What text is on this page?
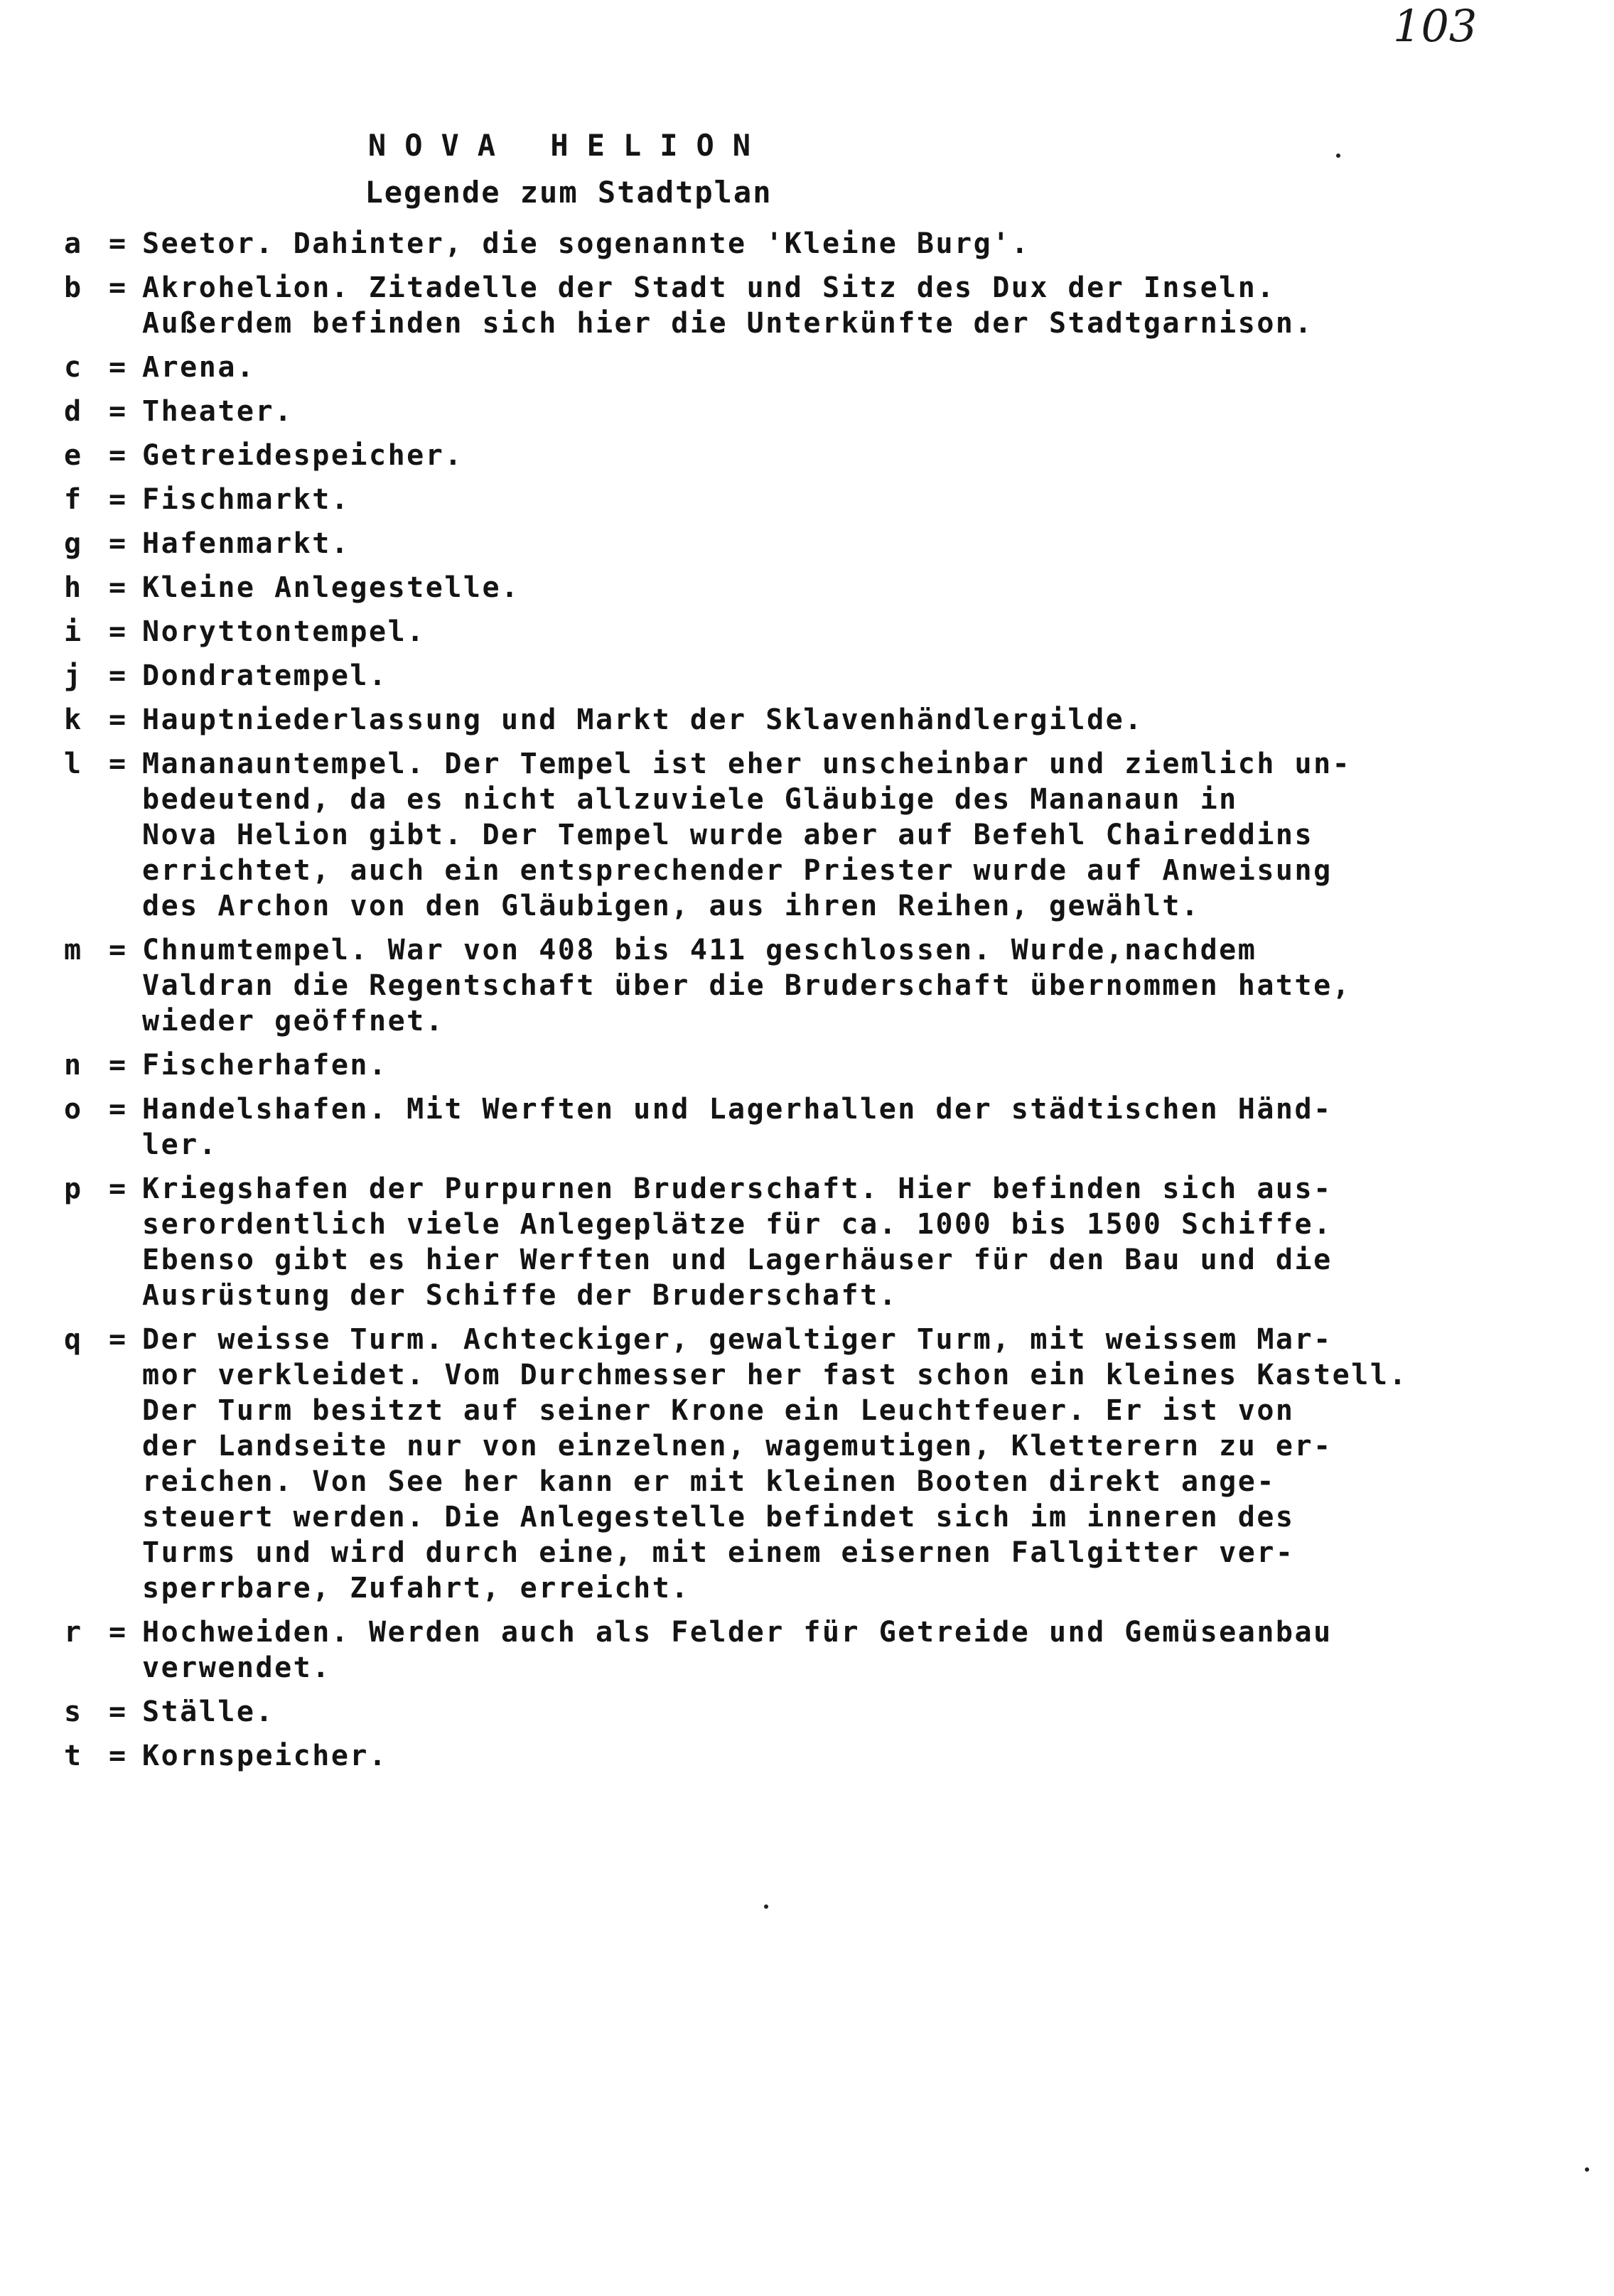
103
NOVA HELION
Legende zum Stadtplan
a = Seetor. Dahinter, die sogenannte 'Kleine Burg'.
b = Akrohelion. Zitadelle der Stadt und Sitz des Dux der Inseln.
Außerdem befinden sich hier die Unterkünfte der Stadtgarnison.
c = Arena.
d = Theater.
e = Getreidespeicher.
f = Fischmarkt.
g = Hafenmarkt.
h = Kleine Anlegestelle.
i = Noryttontempel.
j = Dondratempel.
k = Hauptniederlassung und Markt der Sklavenhändlergilde.
l = Mananauntempel. Der Tempel ist eher unscheinbar und ziemlich un-
bedeutend, da es nicht allzuviele Gläubige des Mananaun in
Nova Helion gibt. Der Tempel wurde aber auf Befehl Chaireddins
errichtet, auch ein entsprechender Priester wurde auf Anweisung
des Archon von den Gläubigen, aus ihren Reihen, gewählt.
m = Chnumtempel. War von 408 bis 411 geschlossen. Wurde,nachdem
Valdran die Regentschaft über die Bruderschaft übernommen hatte,
wieder geöffnet.
n = Fischerhafen.
o = Handelshafen. Mit Werften und Lagerhallen der städtischen Händ-
ler.
p = Kriegshafen der Purpurnen Bruderschaft. Hier befinden sich aus-
serordentlich viele Anlegeplätze für ca. 1000 bis 1500 Schiffe.
Ebenso gibt es hier Werften und Lagerhäuser für den Bau und die
Ausrüstung der Schiffe der Bruderschaft.
q = Der weisse Turm. Achteckiger, gewaltiger Turm, mit weissem Mar-
mor verkleidet. Vom Durchmesser her fast schon ein kleines Kastell.
Der Turm besitzt auf seiner Krone ein Leuchtfeuer. Er ist von
der Landseite nur von einzelnen, wagemutigen, Kletterern zu er-
reichen. Von See her kann er mit kleinen Booten direkt ange-
steuert werden. Die Anlegestelle befindet sich im inneren des
Turms und wird durch eine, mit einem eisernen Fallgitter ver-
sperrbare, Zufahrt, erreicht.
r = Hochweiden. Werden auch als Felder für Getreide und Gemüseanbau
verwendet.
s = Ställe.
t = Kornspeicher.
